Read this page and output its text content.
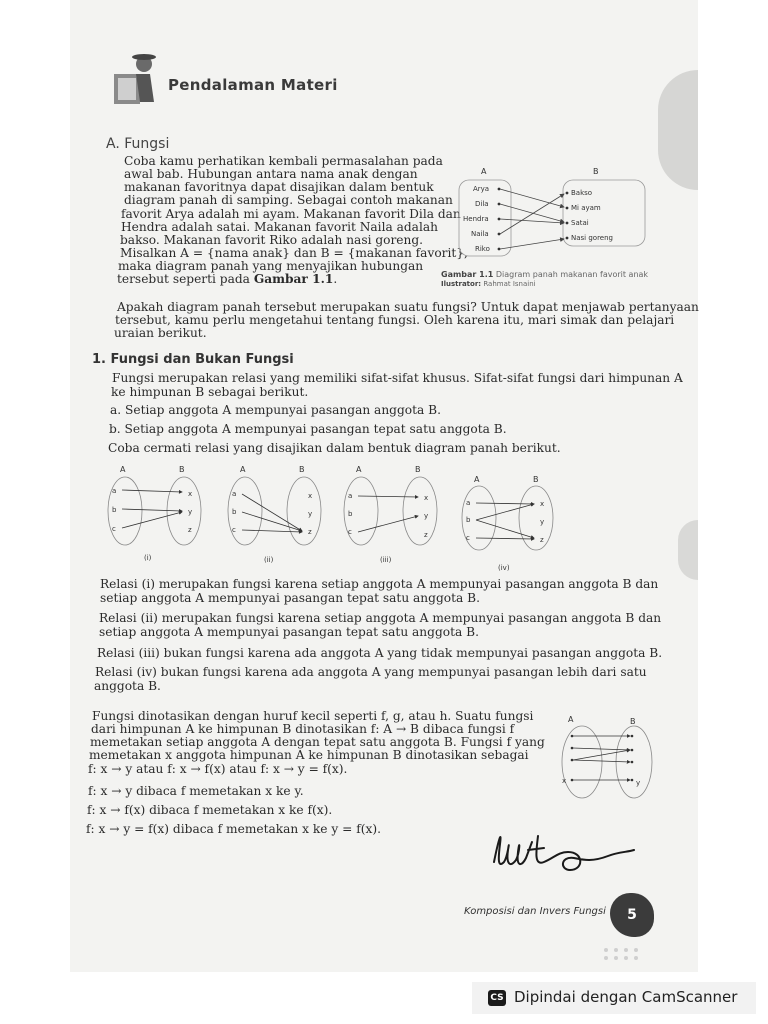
Pendalaman Materi
A. Fungsi
Coba kamu perhatikan kembali permasalahan pada
awal bab. Hubungan antara nama anak dengan
makanan favoritnya dapat disajikan dalam bentuk
diagram panah di samping. Sebagai contoh makanan
favorit Arya adalah mi ayam. Makanan favorit Dila dan
Hendra adalah satai. Makanan favorit Naila adalah
bakso. Makanan favorit Riko adalah nasi goreng.
Misalkan A = {nama anak} dan B = {makanan favorit},
maka diagram panah yang menyajikan hubungan
tersebut seperti pada Gambar 1.1.
A	B
Arya
Dila
Hendra
Naila
Riko
Bakso
Mi ayam
Satai
Nasi goreng
Gambar 1.1 Diagram panah makanan favorit anak
Ilustrator: Rahmat Isnaini
Apakah diagram panah tersebut merupakan suatu fungsi? Untuk dapat menjawab pertanyaan
tersebut, kamu perlu mengetahui tentang fungsi. Oleh karena itu, mari simak dan pelajari
uraian berikut.
1. Fungsi dan Bukan Fungsi
Fungsi merupakan relasi yang memiliki sifat-sifat khusus. Sifat-sifat fungsi dari himpunan A
ke himpunan B sebagai berikut.
a. Setiap anggota A mempunyai pasangan anggota B.
b. Setiap anggota A mempunyai pasangan tepat satu anggota B.
Coba cermati relasi yang disajikan dalam bentuk diagram panah berikut.
A	B
a
b
c
x
y
z
(i)
A	B
a
b
c
x
y
z
(ii)
A	B
a
b
c
x
y
z
(iii)
A	B
a
b
c
x
y
z
(iv)
Relasi (i) merupakan fungsi karena setiap anggota A mempunyai pasangan anggota B dan
setiap anggota A mempunyai pasangan tepat satu anggota B.
Relasi (ii) merupakan fungsi karena setiap anggota A mempunyai pasangan anggota B dan
setiap anggota A mempunyai pasangan tepat satu anggota B.
Relasi (iii) bukan fungsi karena ada anggota A yang tidak mempunyai pasangan anggota B.
Relasi (iv) bukan fungsi karena ada anggota A yang mempunyai pasangan lebih dari satu
anggota B.
Fungsi dinotasikan dengan huruf kecil seperti f, g, atau h. Suatu fungsi
dari himpunan A ke himpunan B dinotasikan f: A → B dibaca fungsi f
memetakan setiap anggota A dengan tepat satu anggota B. Fungsi f yang
memetakan x anggota himpunan A ke himpunan B dinotasikan sebagai
f: x → y atau f: x → f(x) atau f: x → y = f(x).
f: x → y dibaca f memetakan x ke y.
f: x → f(x) dibaca f memetakan x ke f(x).
f: x → y = f(x) dibaca f memetakan x ke y = f(x).
A	B
x	y
Komposisi dan Invers Fungsi	5
CS Dipindai dengan CamScanner
